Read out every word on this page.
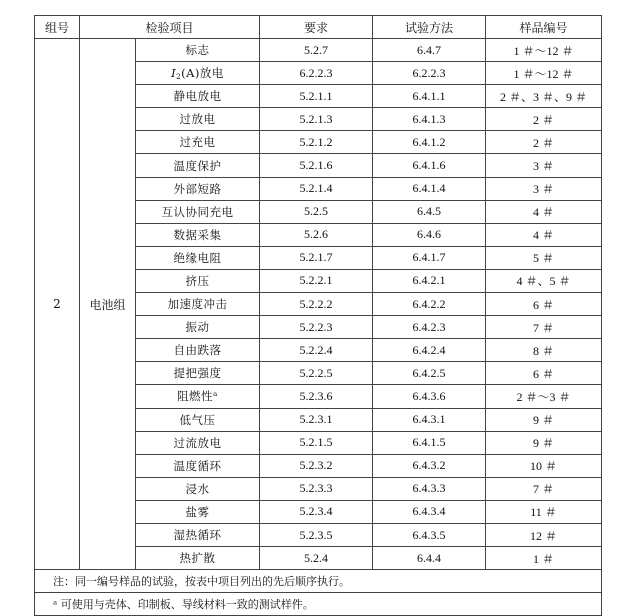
组号	检验项目		要求	试验方法	样品编号
2	电池组	标志	5.2.7	6.4.7	1 ＃～12 ＃
		$I_2(A)$放电	6.2.2.3	6.2.2.3	1 ＃～12 ＃
		静电放电	5.2.1.1	6.4.1.1	2 ＃、3 ＃、9 ＃
		过放电	5.2.1.3	6.4.1.3	2 ＃
		过充电	5.2.1.2	6.4.1.2	2 ＃
		温度保护	5.2.1.6	6.4.1.6	3 ＃
		外部短路	5.2.1.4	6.4.1.4	3 ＃
		互认协同充电	5.2.5	6.4.5	4 ＃
		数据采集	5.2.6	6.4.6	4 ＃
		绝缘电阻	5.2.1.7	6.4.1.7	5 ＃
		挤压	5.2.2.1	6.4.2.1	4 ＃、5 ＃
		加速度冲击	5.2.2.2	6.4.2.2	6 ＃
		振动	5.2.2.3	6.4.2.3	7 ＃
		自由跌落	5.2.2.4	6.4.2.4	8 ＃
		提把强度	5.2.2.5	6.4.2.5	6 ＃
		阻燃性ᵃ	5.2.3.6	6.4.3.6	2 ＃～3 ＃
		低气压	5.2.3.1	6.4.3.1	9 ＃
		过流放电	5.2.1.5	6.4.1.5	9 ＃
		温度循环	5.2.3.2	6.4.3.2	10 ＃
		浸水	5.2.3.3	6.4.3.3	7 ＃
		盐雾	5.2.3.4	6.4.3.4	11 ＃
		湿热循环	5.2.3.5	6.4.3.5	12 ＃
		热扩散	5.2.4	6.4.4	1 ＃
注：同一编号样品的试验，按表中项目列出的先后顺序执行。					
ᵃ 可使用与壳体、印制板、导线材料一致的测试样件。					
